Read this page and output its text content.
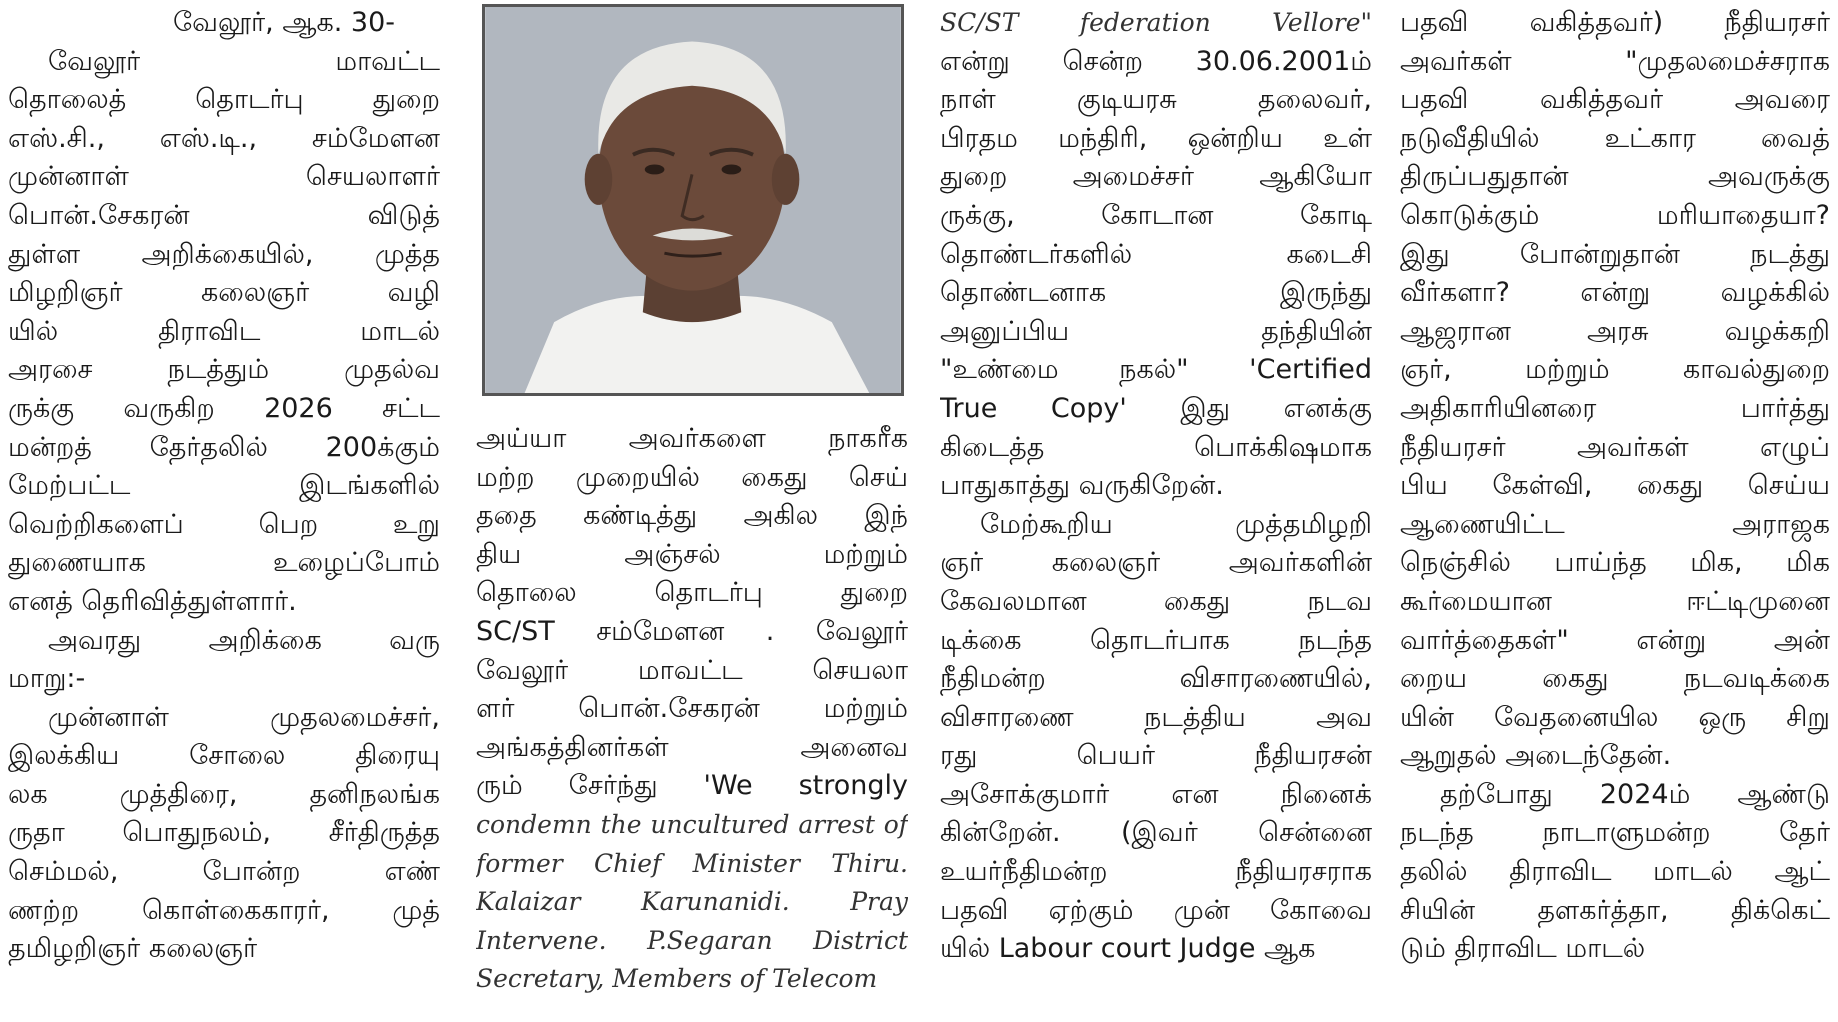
வேலூர், ஆக. 30-
வேலூர் மாவட்ட
தொலைத் தொடர்பு துறை
எஸ்.சி., எஸ்.டி., சம்மேளன
முன்னாள் செயலாளர்
பொன்.சேகரன் விடுத்
துள்ள அறிக்கையில், முத்த
மிழறிஞர் கலைஞர் வழி
யில் திராவிட மாடல்
அரசை நடத்தும் முதல்வ
ருக்கு வருகிற 2026 சட்ட
மன்றத் தேர்தலில் 200க்கும்
மேற்பட்ட இடங்களில்
வெற்றிகளைப் பெற உறு
துணையாக உழைப்போம்
எனத் தெரிவித்துள்ளார்.
அவரது அறிக்கை வரு
மாறு:-
முன்னாள் முதலமைச்சர்,
இலக்கிய சோலை திரையு
லக முத்திரை, தனிநலங்க
ருதா பொதுநலம், சீர்திருத்த
செம்மல், போன்ற எண்
ணற்ற கொள்கைகாரர், முத்
தமிழறிஞர் கலைஞர்
அய்யா அவர்களை நாகரீக
மற்ற முறையில் கைது செய்
ததை கண்டித்து அகில இந்
திய அஞ்சல் மற்றும்
தொலை தொடர்பு துறை
SC/ST சம்மேளன . வேலூர்
வேலூர் மாவட்ட செயலா
ளர் பொன்.சேகரன் மற்றும்
அங்கத்தினர்கள் அனைவ
ரும் சேர்ந்து 'We strongly
condemn the uncultured arrest of
former Chief Minister Thiru.
Kalaizar Karunanidi. Pray
Intervene. P.Segaran District
Secretary, Members of Telecom
SC/ST federation Vellore"
என்று சென்ற 30.06.2001ம்
நாள் குடியரசு தலைவர்,
பிரதம மந்திரி, ஒன்றிய உள்
துறை அமைச்சர் ஆகியோ
ருக்கு, கோடான கோடி
தொண்டர்களில் கடைசி
தொண்டனாக இருந்து
அனுப்பிய தந்தியின்
"உண்மை நகல்" 'Certified
True Copy' இது எனக்கு
கிடைத்த பொக்கிஷமாக
பாதுகாத்து வருகிறேன்.
மேற்கூறிய முத்தமிழறி
ஞர் கலைஞர் அவர்களின்
கேவலமான கைது நடவ
டிக்கை தொடர்பாக நடந்த
நீதிமன்ற விசாரணையில்,
விசாரணை நடத்திய அவ
ரது பெயர் நீதியரசன்
அசோக்குமார் என நினைக்
கின்றேன். (இவர் சென்னை
உயர்நீதிமன்ற நீதியரசராக
பதவி ஏற்கும் முன் கோவை
யில் Labour court Judge ஆக
பதவி வகித்தவர்) நீதியரசர்
அவர்கள் "முதலமைச்சராக
பதவி வகித்தவர் அவரை
நடுவீதியில் உட்கார வைத்
திருப்பதுதான் அவருக்கு
கொடுக்கும் மரியாதையா?
இது போன்றுதான் நடத்து
வீர்களா? என்று வழக்கில்
ஆஜரான அரசு வழக்கறி
ஞர், மற்றும் காவல்துறை
அதிகாரியினரை பார்த்து
நீதியரசர் அவர்கள் எழுப்
பிய கேள்வி, கைது செய்ய
ஆணையிட்ட அராஜக
நெஞ்சில் பாய்ந்த மிக, மிக
கூர்மையான ஈட்டிமுனை
வார்த்தைகள்" என்று அன்
றைய கைது நடவடிக்கை
யின் வேதனையில ஒரு சிறு
ஆறுதல் அடைந்தேன்.
தற்போது 2024ம் ஆண்டு
நடந்த நாடாளுமன்ற தேர்
தலில் திராவிட மாடல் ஆட்
சியின் தளகர்த்தா, திக்கெட்
டும் திராவிட மாடல்
